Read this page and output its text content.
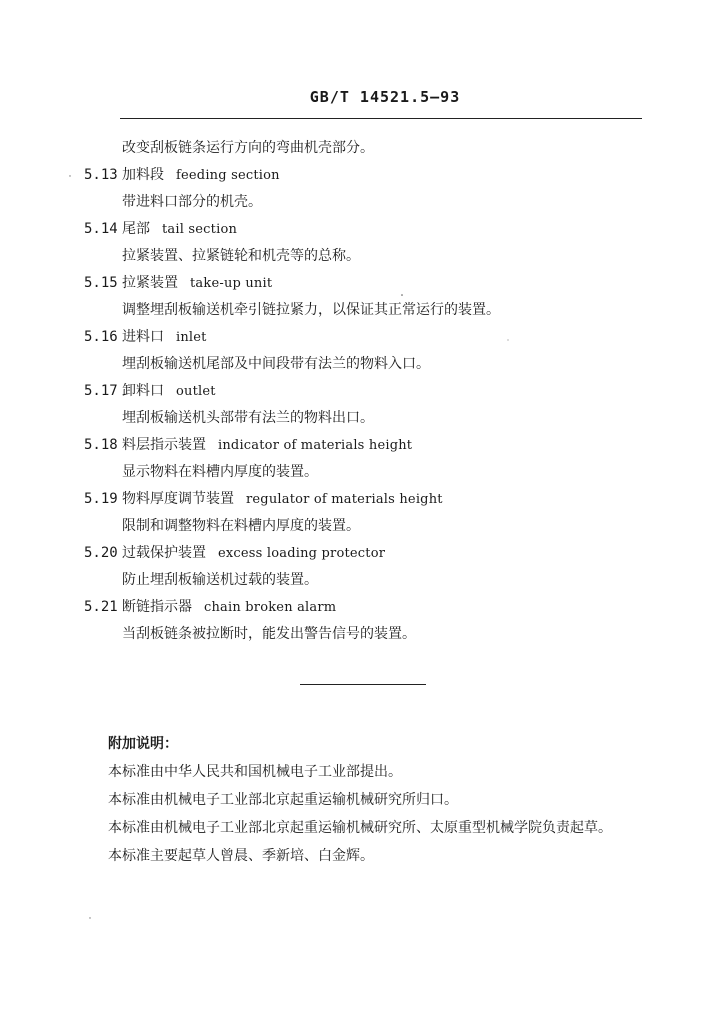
GB/T 14521.5—93
改变刮板链条运行方向的弯曲机壳部分。
5.13 加料段 feeding section
带进料口部分的机壳。
5.14 尾部 tail section
拉紧装置、拉紧链轮和机壳等的总称。
5.15 拉紧装置 take-up unit
调整埋刮板输送机牵引链拉紧力，以保证其正常运行的装置。
5.16 进料口 inlet
埋刮板输送机尾部及中间段带有法兰的物料入口。
5.17 卸料口 outlet
埋刮板输送机头部带有法兰的物料出口。
5.18 料层指示装置 indicator of materials height
显示物料在料槽内厚度的装置。
5.19 物料厚度调节装置 regulator of materials height
限制和调整物料在料槽内厚度的装置。
5.20 过载保护装置 excess loading protector
防止埋刮板输送机过载的装置。
5.21 断链指示器 chain broken alarm
当刮板链条被拉断时，能发出警告信号的装置。
附加说明：
本标准由中华人民共和国机械电子工业部提出。
本标准由机械电子工业部北京起重运输机械研究所归口。
本标准由机械电子工业部北京起重运输机械研究所、太原重型机械学院负责起草。
本标准主要起草人曾晨、季新培、白金辉。
